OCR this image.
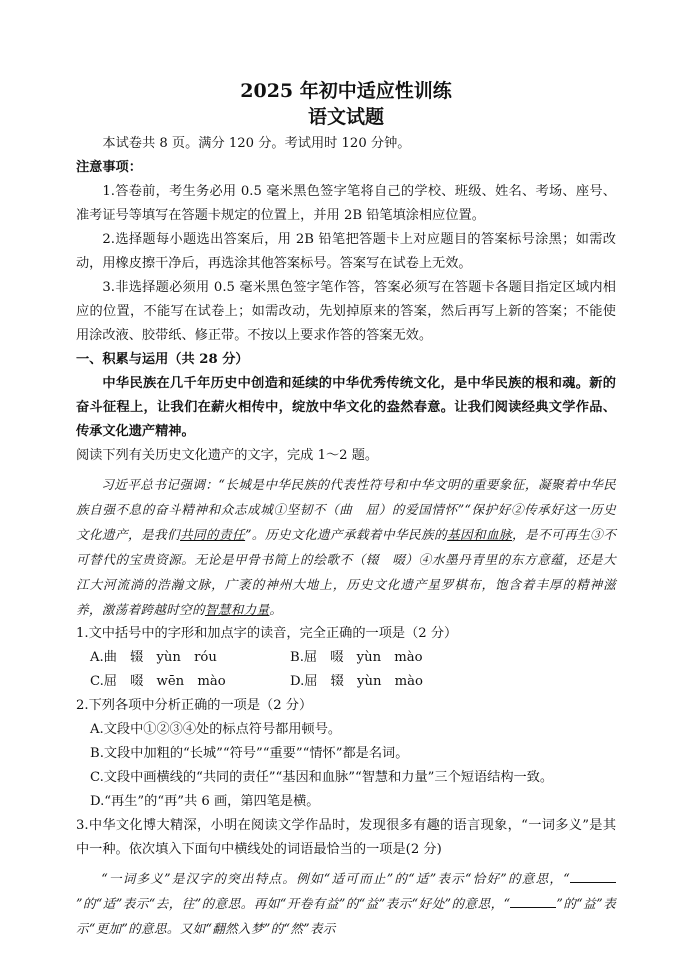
2025 年初中适应性训练
语文试题

本试卷共 8 页。满分 120 分。考试用时 120 分钟。

注意事项：

1.答卷前，考生务必用 0.5 毫米黑色签字笔将自己的学校、班级、姓名、考场、座号、准考证号等填写在答题卡规定的位置上，并用 2B 铅笔填涂相应位置。

2.选择题每小题选出答案后，用 2B 铅笔把答题卡上对应题目的答案标号涂黑；如需改动，用橡皮擦干净后，再选涂其他答案标号。答案写在试卷上无效。

3.非选择题必须用 0.5 毫米黑色签字笔作答，答案必须写在答题卡各题目指定区域内相应的位置，不能写在试卷上；如需改动，先划掉原来的答案，然后再写上新的答案；不能使用涂改液、胶带纸、修正带。不按以上要求作答的答案无效。

一、积累与运用（共 28 分）

中华民族在几千年历史中创造和延续的中华优秀传统文化，是中华民族的根和魂。新的奋斗征程上，让我们在薪火相传中，绽放中华文化的盎然春意。让我们阅读经典文学作品、传承文化遗产精神。

阅读下列有关历史文化遗产的文字，完成 1～2 题。

习近平总书记强调：“长城是中华民族的代表性符号和中华文明的重要象征，凝聚着中华民族自强不息的奋斗精神和众志成城①坚韧不（曲　屈）的爱国情怀”“保护好②传承好这一历史文化遗产，是我们共同的责任”。历史文化遗产承载着中华民族的基因和血脉，是不可再生③不可替代的宝贵资源。无论是甲骨书简上的绘歌不（辍　啜）④水墨丹青里的东方意蕴，还是大江大河流淌的浩瀚文脉，广袤的神州大地上，历史文化遗产星罗棋布，饱含着丰厚的精神滋养，激荡着跨越时空的智慧和力量。

1.文中括号中的字形和加点字的读音，完全正确的一项是（2 分）

A.曲　辍　yùn　róu	B.屈　啜　yùn　mào
C.屈　啜　wēn　mào	D.屈　辍　yùn　mào

2.下列各项中分析正确的一项是（2 分）

A.文段中①②③④处的标点符号都用顿号。

B.文段中加粗的“长城”“符号”“重要”“情怀”都是名词。

C.文段中画横线的“共同的责任”“基因和血脉”“智慧和力量”三个短语结构一致。

D.“再生”的“再”共 6 画，第四笔是横。

3.中华文化博大精深，小明在阅读文学作品时，发现很多有趣的语言现象，“一词多义”是其中一种。依次填入下面句中横线处的词语最恰当的一项是(2 分)

“一词多义”是汉字的突出特点。例如“适可而止”的“适”表示“恰好”的意思，“”的“适”表示“去，往”的意思。再如“开卷有益”的“益”表示“好处”的意思，“	”的“益”表示“更加”的意思。又如“翻然入梦”的“然”表示
